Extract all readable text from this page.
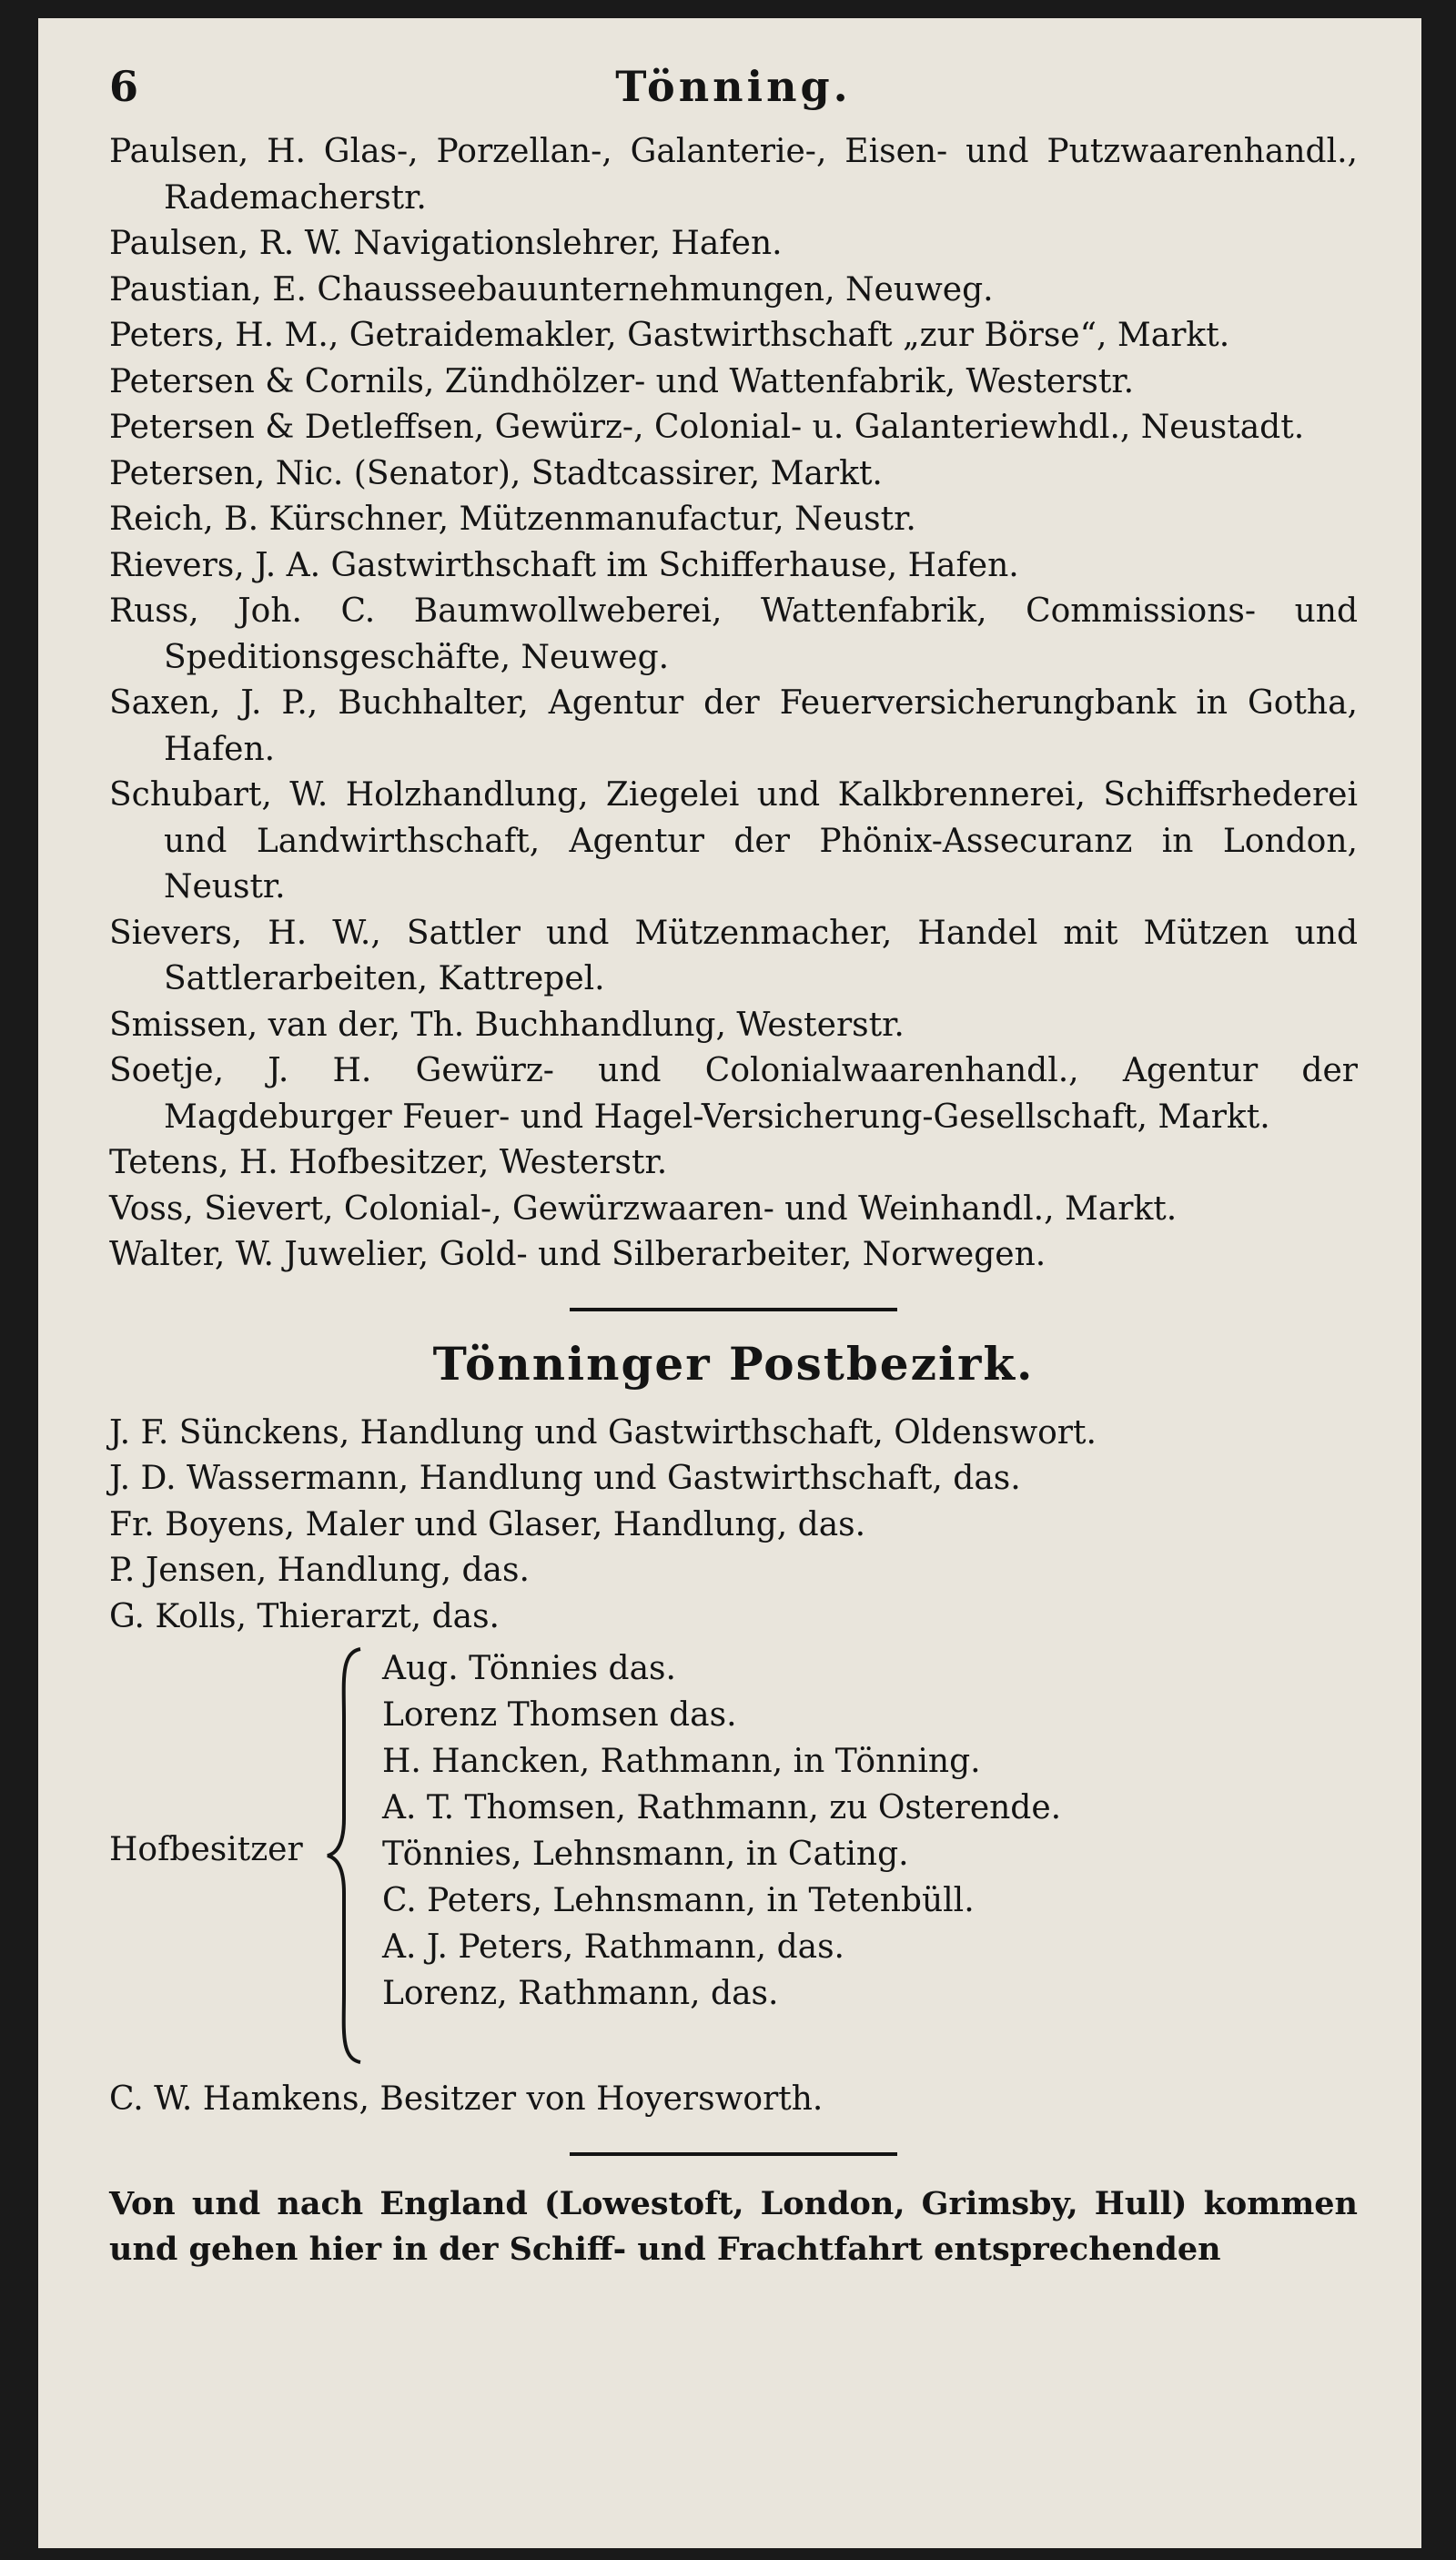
6	Tönning.

Paulsen, H. Glas-, Porzellan-, Galanterie-, Eisen- und Putzwaarenhandl., Rademacherstr.

Paulsen, R. W. Navigationslehrer, Hafen.

Paustian, E. Chausseebauunternehmungen, Neuweg.

Peters, H. M., Getraidemakler, Gastwirthschaft „zur Börse“, Markt.

Petersen & Cornils, Zündhölzer- und Wattenfabrik, Westerstr.

Petersen & Detleffsen, Gewürz-, Colonial- u. Galanteriewhdl., Neustadt.

Petersen, Nic. (Senator), Stadtcassirer, Markt.

Reich, B. Kürschner, Mützenmanufactur, Neustr.

Rievers, J. A. Gastwirthschaft im Schifferhause, Hafen.

Russ, Joh. C. Baumwollweberei, Wattenfabrik, Commissions- und Speditionsgeschäfte, Neuweg.

Saxen, J. P., Buchhalter, Agentur der Feuerversicherungbank in Gotha, Hafen.

Schubart, W. Holzhandlung, Ziegelei und Kalkbrennerei, Schiffsrhederei und Landwirthschaft, Agentur der Phönix-Assecuranz in London, Neustr.

Sievers, H. W., Sattler und Mützenmacher, Handel mit Mützen und Sattlerarbeiten, Kattrepel.

Smissen, van der, Th. Buchhandlung, Westerstr.

Soetje, J. H. Gewürz- und Colonialwaarenhandl., Agentur der Magdeburger Feuer- und Hagel-Versicherung-Gesellschaft, Markt.

Tetens, H. Hofbesitzer, Westerstr.

Voss, Sievert, Colonial-, Gewürzwaaren- und Weinhandl., Markt.

Walter, W. Juwelier, Gold- und Silberarbeiter, Norwegen.

Tönninger Postbezirk.

J. F. Sünckens, Handlung und Gastwirthschaft, Oldenswort.

J. D. Wassermann, Handlung und Gastwirthschaft, das.

Fr. Boyens, Maler und Glaser, Handlung, das.

P. Jensen, Handlung, das.

G. Kolls, Thierarzt, das.

Hofbesitzer
Aug. Tönnies das.
Lorenz Thomsen das.
H. Hancken, Rathmann, in Tönning.
A. T. Thomsen, Rathmann, zu Osterende.
Tönnies, Lehnsmann, in Cating.
C. Peters, Lehnsmann, in Tetenbüll.
A. J. Peters, Rathmann, das.
Lorenz, Rathmann, das.

C. W. Hamkens, Besitzer von Hoyersworth.

Von und nach England (Lowestoft, London, Grimsby, Hull) kommen und gehen hier in der Schiff- und Frachtfahrt entsprechenden
